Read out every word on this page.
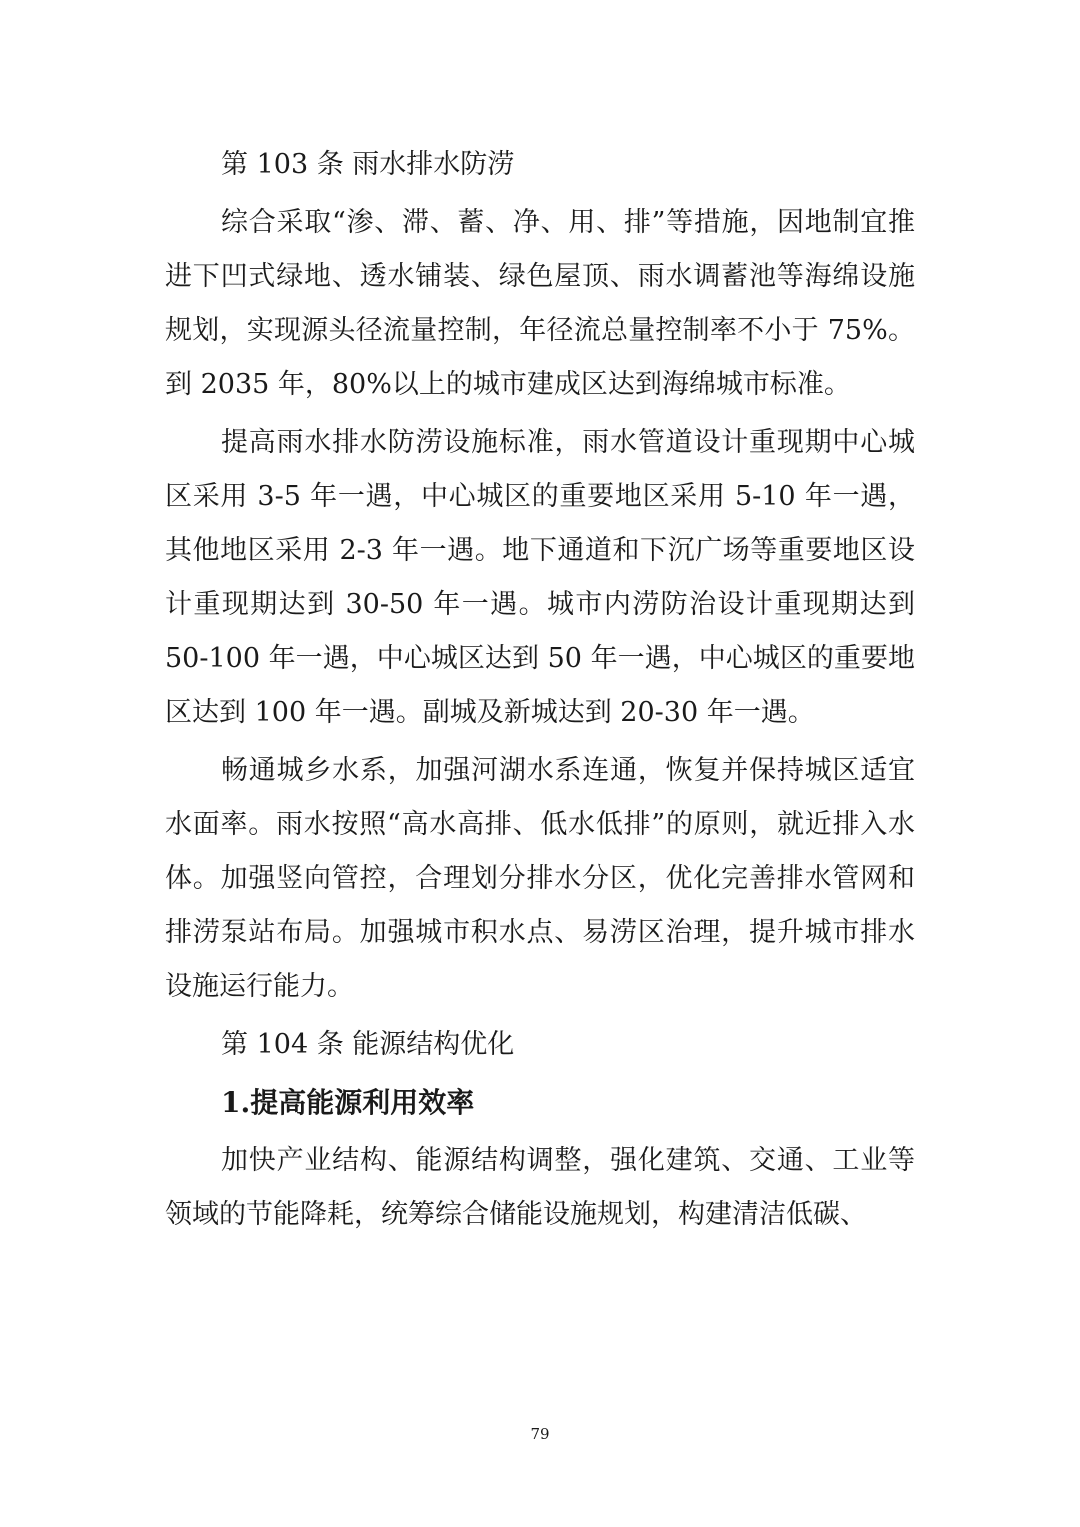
第 103 条 雨水排水防涝

综合采取“渗、滞、蓄、净、用、排”等措施，因地制宜推进下凹式绿地、透水铺装、绿色屋顶、雨水调蓄池等海绵设施规划，实现源头径流量控制，年径流总量控制率不小于 75%。到 2035 年，80%以上的城市建成区达到海绵城市标准。

提高雨水排水防涝设施标准，雨水管道设计重现期中心城区采用 3-5 年一遇，中心城区的重要地区采用 5-10 年一遇，其他地区采用 2-3 年一遇。地下通道和下沉广场等重要地区设计重现期达到 30-50 年一遇。城市内涝防治设计重现期达到 50-100 年一遇，中心城区达到 50 年一遇，中心城区的重要地区达到 100 年一遇。副城及新城达到 20-30 年一遇。

畅通城乡水系，加强河湖水系连通，恢复并保持城区适宜水面率。雨水按照“高水高排、低水低排”的原则，就近排入水体。加强竖向管控，合理划分排水分区，优化完善排水管网和排涝泵站布局。加强城市积水点、易涝区治理，提升城市排水设施运行能力。

第 104 条 能源结构优化
1.提高能源利用效率

加快产业结构、能源结构调整，强化建筑、交通、工业等领域的节能降耗，统筹综合储能设施规划，构建清洁低碳、

79
